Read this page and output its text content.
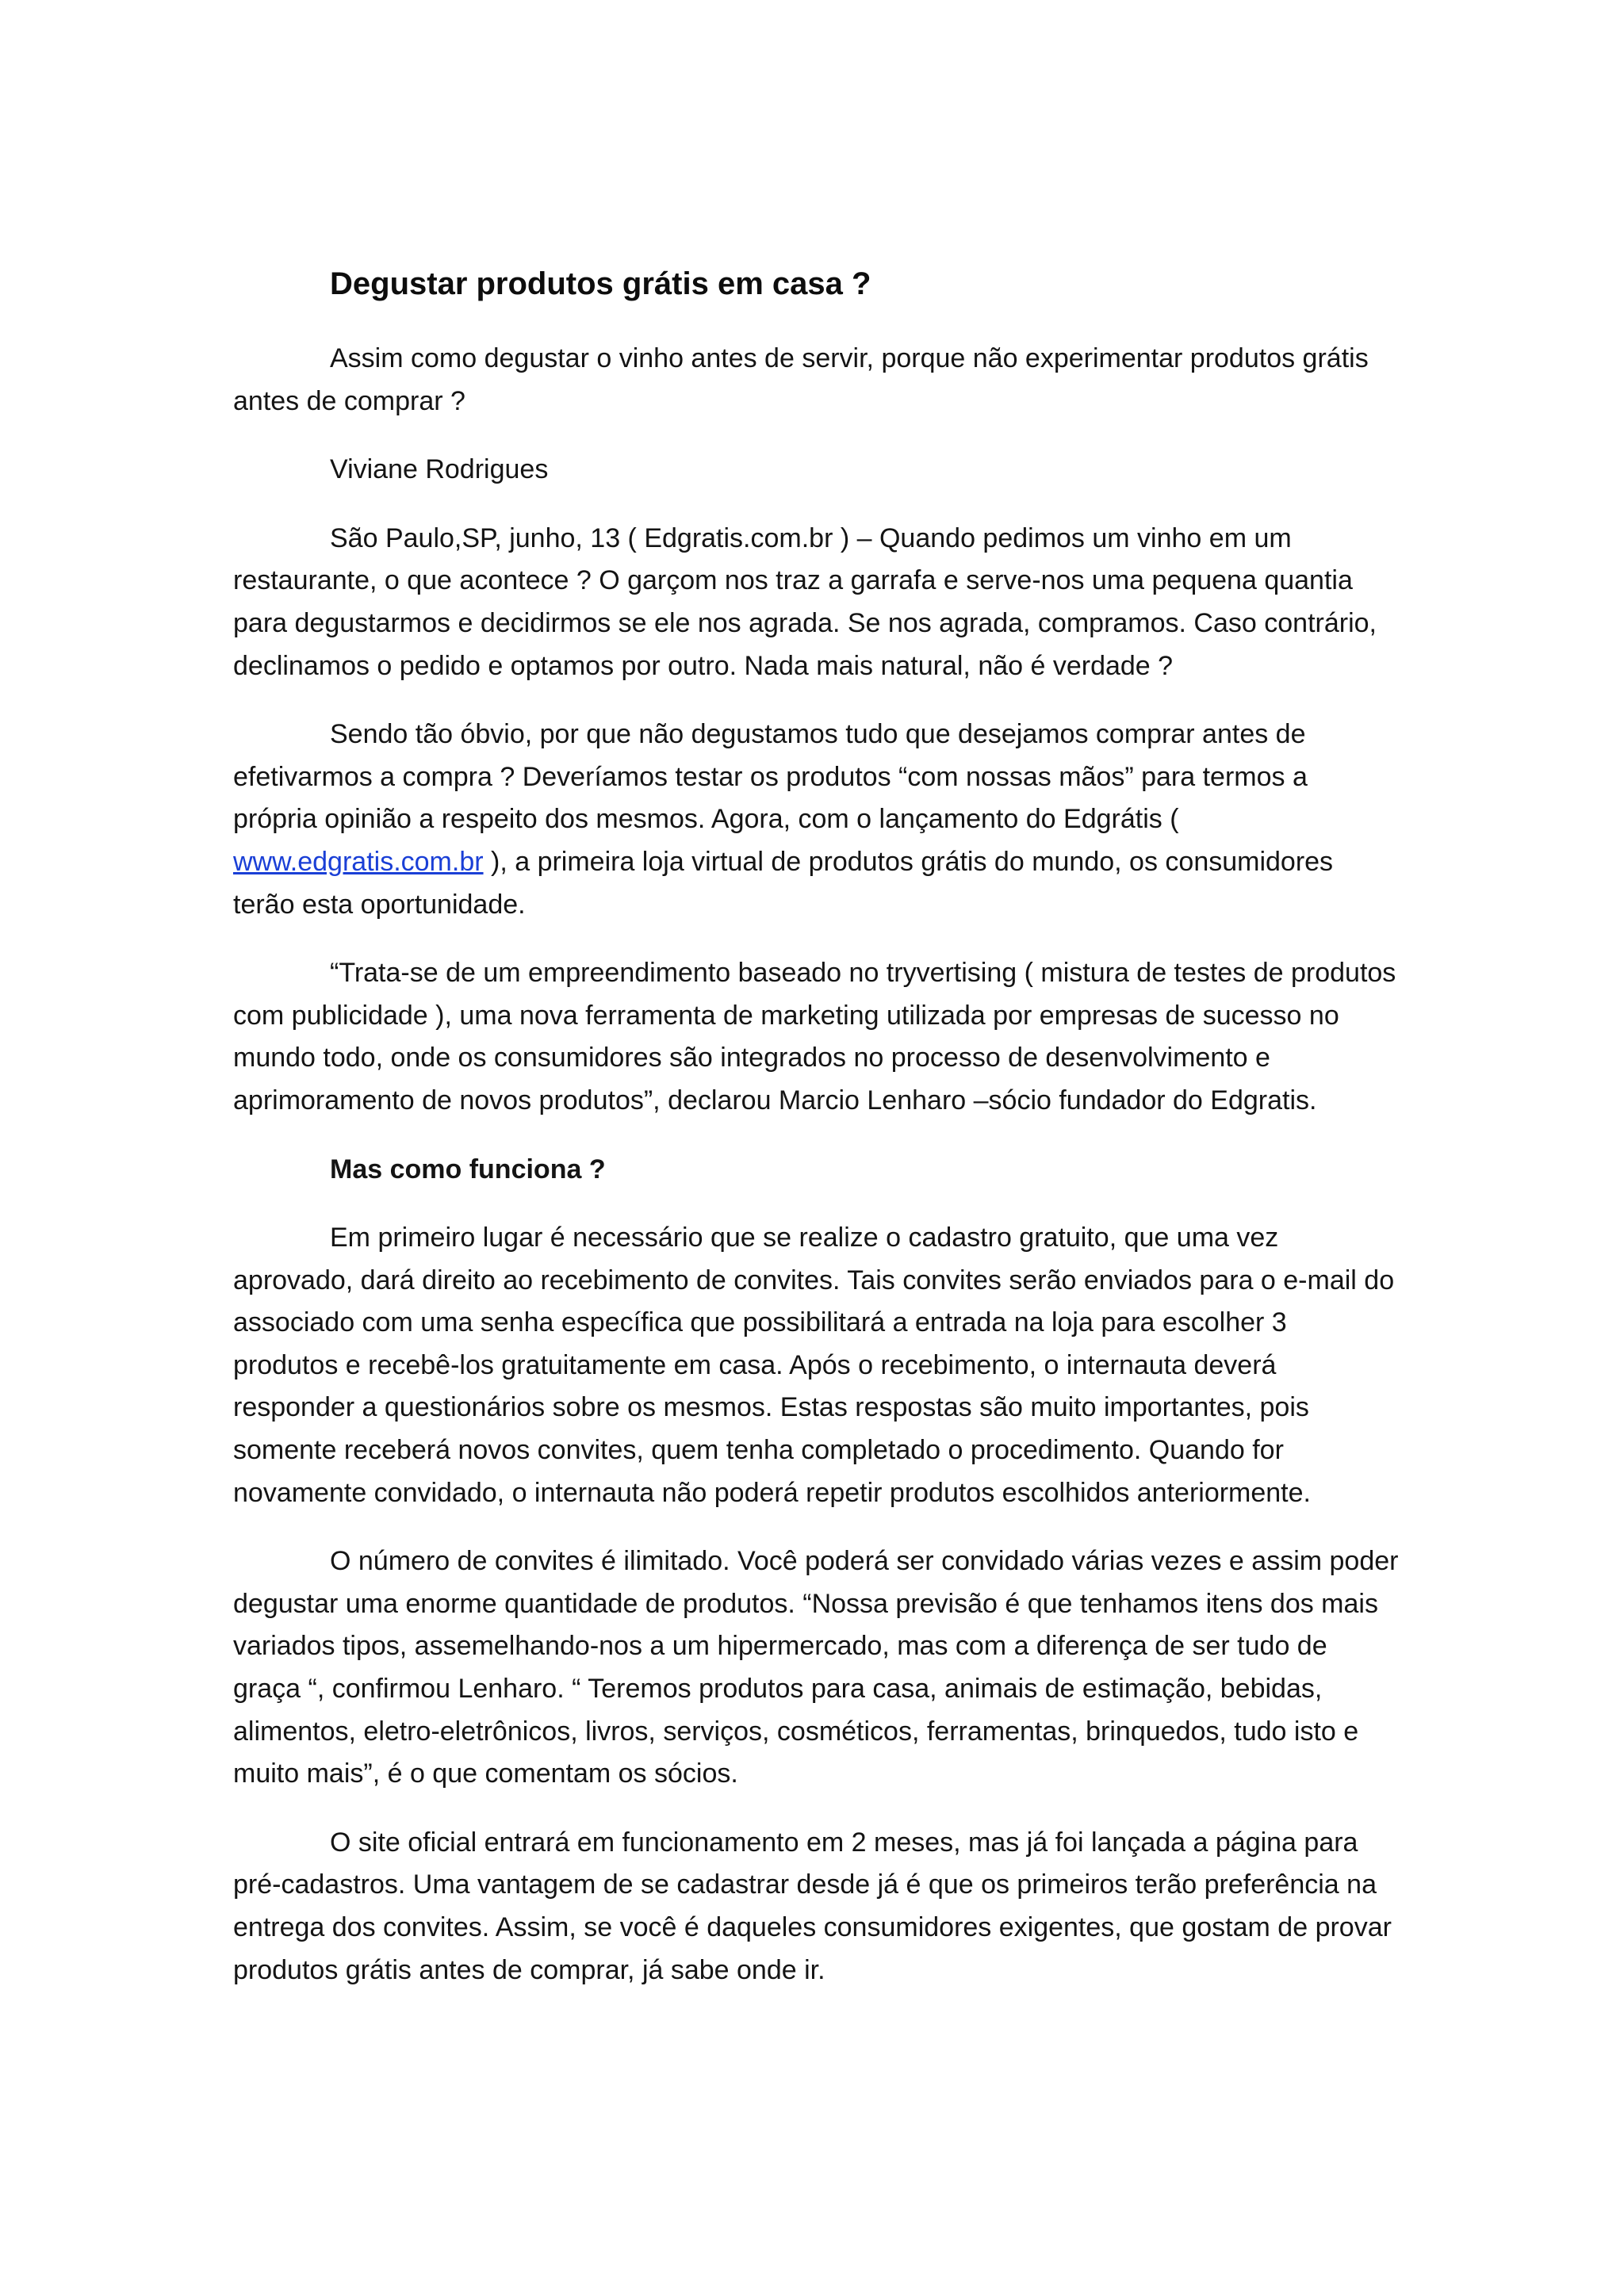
Degustar produtos grátis em casa ?

Assim como degustar o vinho antes de servir, porque não experimentar produtos grátis antes de comprar ?

Viviane Rodrigues

São Paulo,SP, junho, 13 ( Edgratis.com.br ) – Quando pedimos um vinho em um restaurante, o que acontece ? O garçom nos traz a garrafa e serve-nos uma pequena quantia para degustarmos e decidirmos se ele nos agrada. Se nos agrada, compramos. Caso contrário, declinamos o pedido e optamos por outro. Nada mais natural, não é verdade ?

Sendo tão óbvio, por que não degustamos tudo que desejamos comprar antes de efetivarmos a compra ? Deveríamos testar os produtos “com nossas mãos” para termos a própria opinião a respeito dos mesmos. Agora, com o lançamento do Edgrátis ( www.edgratis.com.br ), a primeira loja virtual de produtos grátis do mundo, os consumidores terão esta oportunidade.

“Trata-se de um empreendimento baseado no tryvertising ( mistura de testes de produtos com publicidade ), uma nova ferramenta de marketing utilizada por empresas de sucesso no mundo todo, onde os consumidores são integrados no processo de desenvolvimento e aprimoramento de novos produtos”, declarou Marcio Lenharo –sócio fundador do Edgratis.

Mas como funciona ?

Em primeiro lugar é necessário que se realize o cadastro gratuito, que uma vez aprovado, dará direito ao recebimento de convites. Tais convites serão enviados para o e-mail do associado com uma senha específica que possibilitará a entrada na loja para escolher 3 produtos e recebê-los gratuitamente em casa. Após o recebimento, o internauta deverá responder a questionários sobre os mesmos. Estas respostas são muito importantes, pois somente receberá novos convites, quem tenha completado o procedimento. Quando for novamente convidado, o internauta não poderá repetir produtos escolhidos anteriormente.

O número de convites é ilimitado. Você poderá ser convidado várias vezes e assim poder degustar uma enorme quantidade de produtos. “Nossa previsão é que tenhamos itens dos mais variados tipos, assemelhando-nos a um hipermercado, mas com a diferença de ser tudo de graça “, confirmou Lenharo. “ Teremos produtos para casa, animais de estimação, bebidas, alimentos, eletro-eletrônicos, livros, serviços, cosméticos, ferramentas, brinquedos, tudo isto e muito mais”, é o que comentam os sócios.

O site oficial entrará em funcionamento em 2 meses, mas já foi lançada a página para pré-cadastros. Uma vantagem de se cadastrar desde já é que os primeiros terão preferência na entrega dos convites. Assim, se você é daqueles consumidores exigentes, que gostam de provar produtos grátis antes de comprar, já sabe onde ir.
